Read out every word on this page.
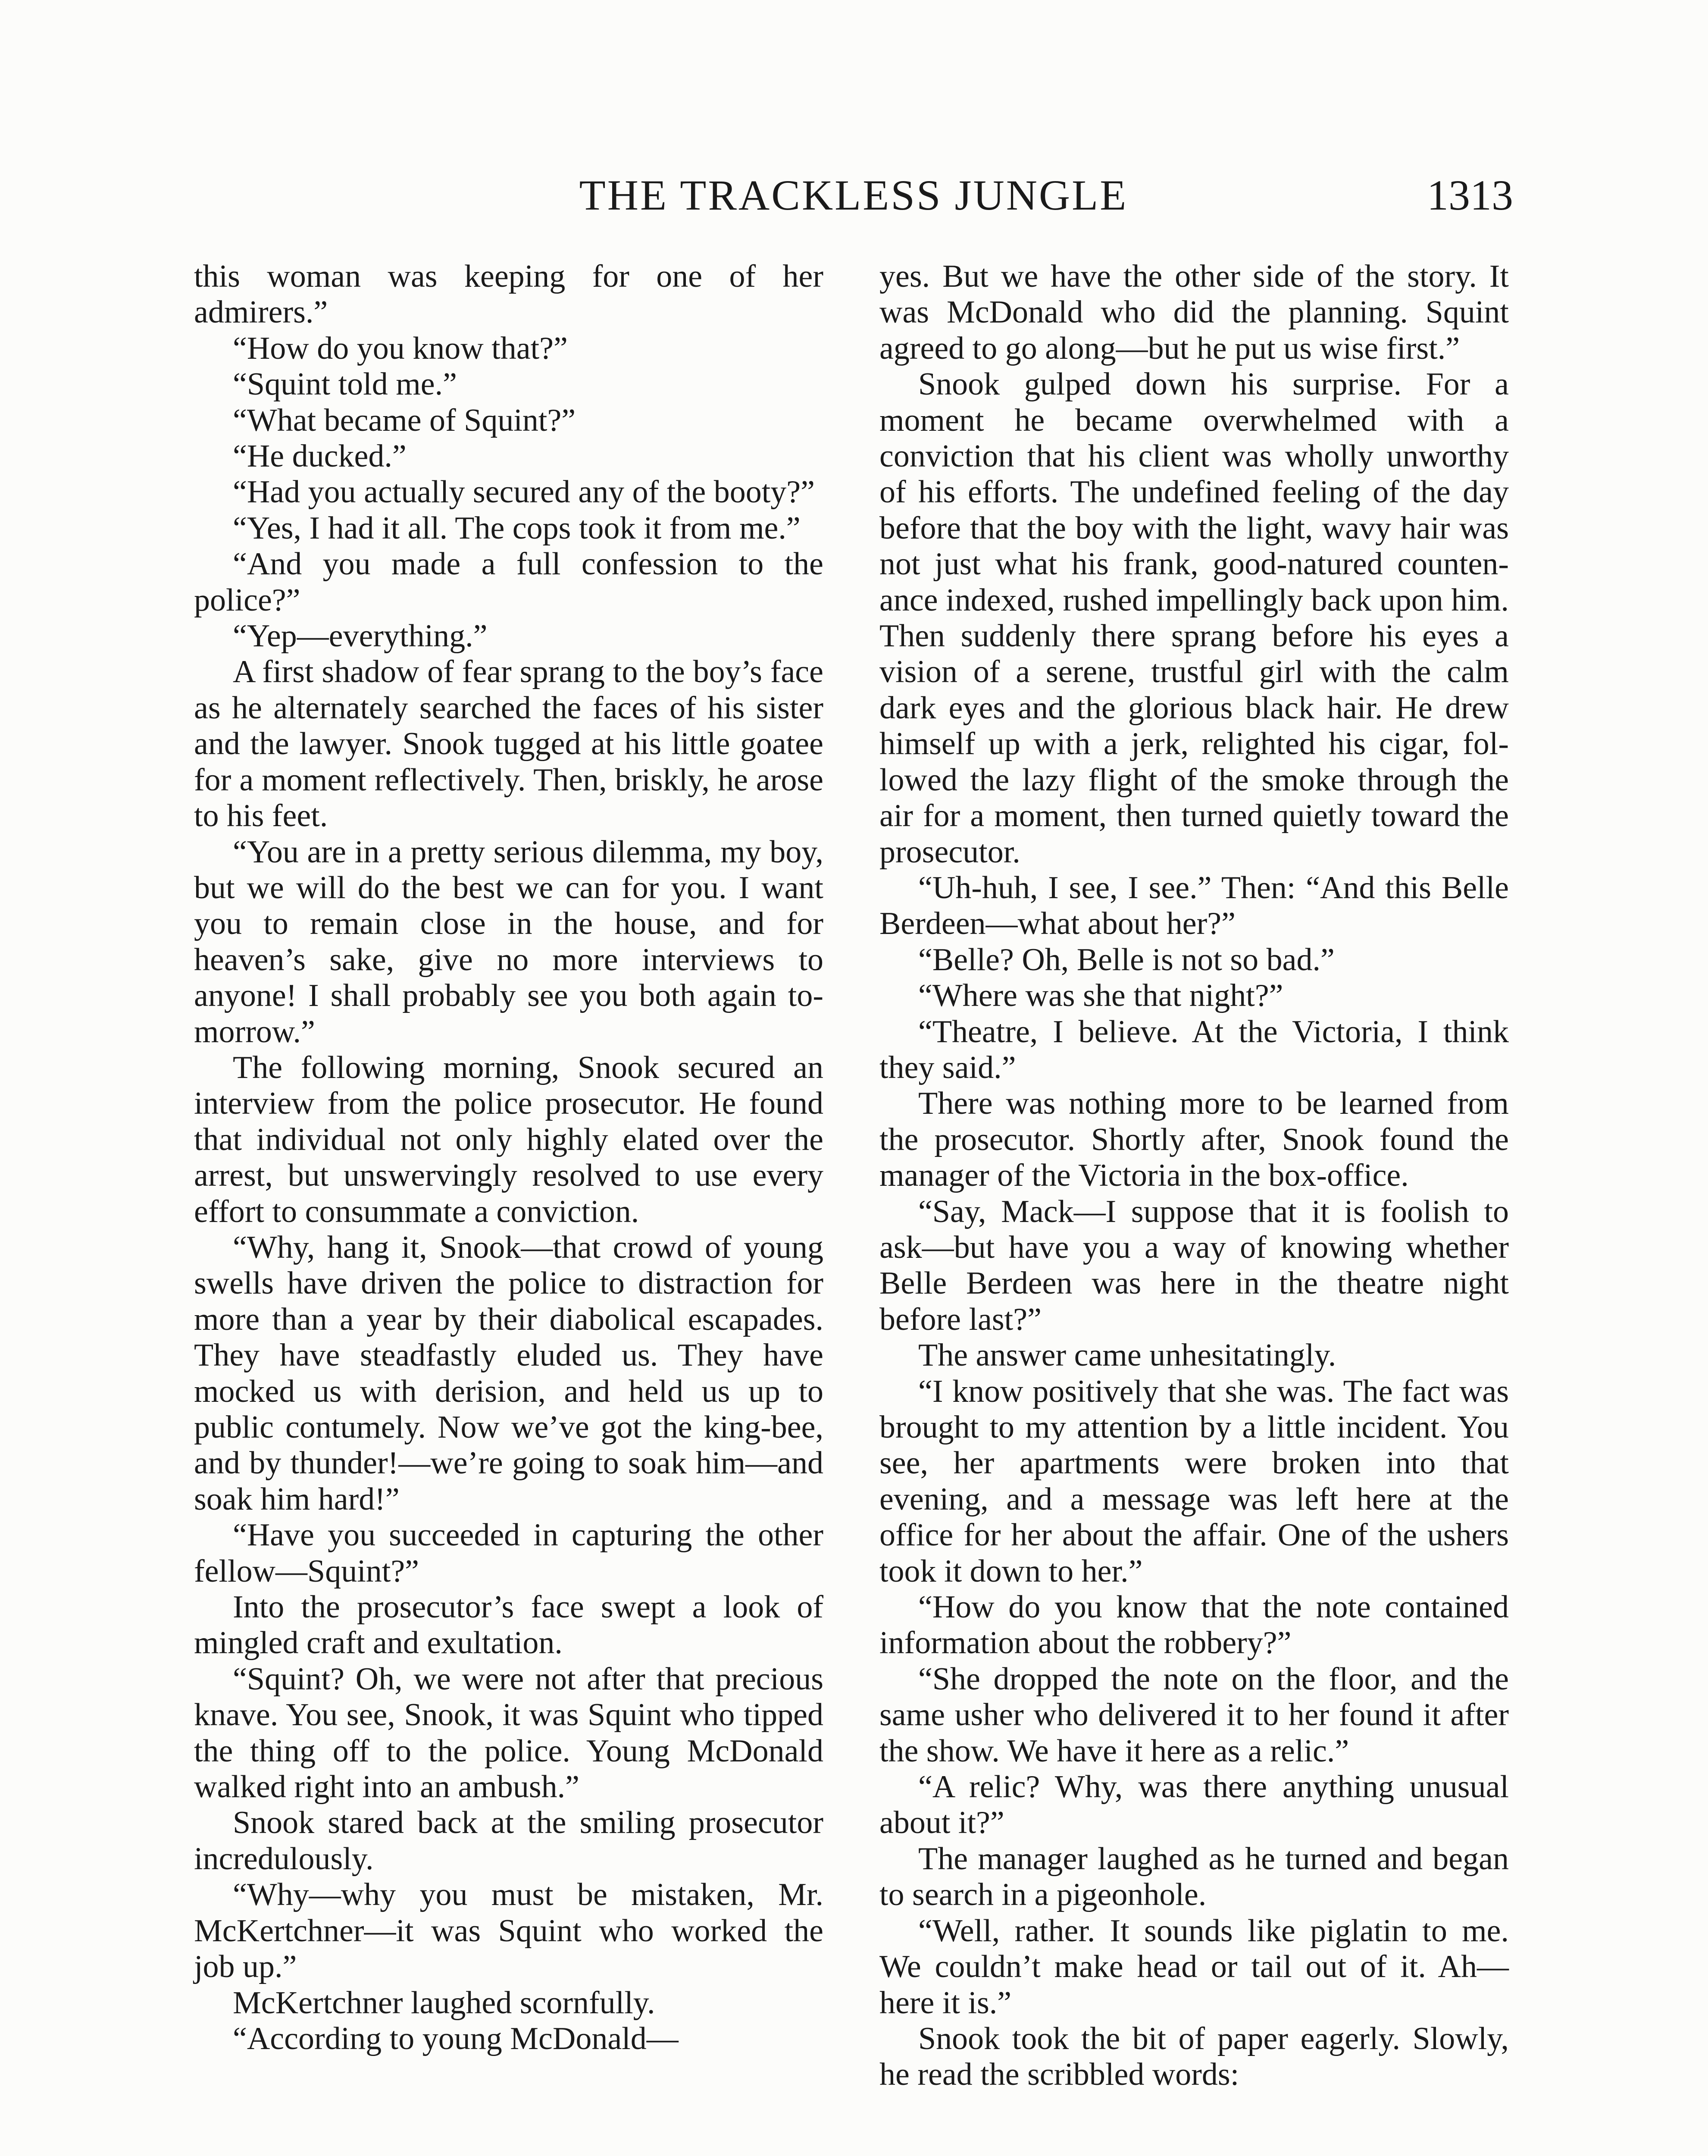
THE TRACKLESS JUNGLE	1313

this woman was keeping for one of her admirers.”

“How do you know that?”

“Squint told me.”

“What became of Squint?”

“He ducked.”

“Had you actually secured any of the booty?”

“Yes, I had it all. The cops took it from me.”

“And you made a full confession to the police?”

“Yep—everything.”

A first shadow of fear sprang to the boy’s face as he alternately searched the faces of his sister and the lawyer. Snook tugged at his little goatee for a moment reflectively. Then, briskly, he arose to his feet.

“You are in a pretty serious dilemma, my boy, but we will do the best we can for you. I want you to remain close in the house, and for heaven’s sake, give no more interviews to anyone! I shall probably see you both again tomorrow.”

The following morning, Snook secured an interview from the police prosecutor. He found that individual not only highly elated over the arrest, but unswervingly resolved to use every effort to consummate a conviction.

“Why, hang it, Snook—that crowd of young swells have driven the police to distraction for more than a year by their diabolical escapades. They have steadfastly eluded us. They have mocked us with derision, and held us up to public contumely. Now we’ve got the king-bee, and by thunder!—we’re going to soak him—and soak him hard!”

“Have you succeeded in capturing the other fellow—Squint?”

Into the prosecutor’s face swept a look of mingled craft and exultation.

“Squint? Oh, we were not after that precious knave. You see, Snook, it was Squint who tipped the thing off to the police. Young McDonald walked right into an ambush.”

Snook stared back at the smiling prosecutor incredulously.

“Why—why you must be mistaken, Mr. McKertchner—it was Squint who worked the job up.”

McKertchner laughed scornfully.

“According to young McDonald—

yes. But we have the other side of the story. It was McDonald who did the planning. Squint agreed to go along—but he put us wise first.”

Snook gulped down his surprise. For a moment he became overwhelmed with a conviction that his client was wholly unworthy of his efforts. The undefined feeling of the day before that the boy with the light, wavy hair was not just what his frank, good-natured countenance indexed, rushed impellingly back upon him. Then suddenly there sprang before his eyes a vision of a serene, trustful girl with the calm dark eyes and the glorious black hair. He drew himself up with a jerk, relighted his cigar, followed the lazy flight of the smoke through the air for a moment, then turned quietly toward the prosecutor.

“Uh-huh, I see, I see.” Then: “And this Belle Berdeen—what about her?”

“Belle? Oh, Belle is not so bad.”

“Where was she that night?”

“Theatre, I believe. At the Victoria, I think they said.”

There was nothing more to be learned from the prosecutor. Shortly after, Snook found the manager of the Victoria in the box-office.

“Say, Mack—I suppose that it is foolish to ask—but have you a way of knowing whether Belle Berdeen was here in the theatre night before last?”

The answer came unhesitatingly.

“I know positively that she was. The fact was brought to my attention by a little incident. You see, her apartments were broken into that evening, and a message was left here at the office for her about the affair. One of the ushers took it down to her.”

“How do you know that the note contained information about the robbery?”

“She dropped the note on the floor, and the same usher who delivered it to her found it after the show. We have it here as a relic.”

“A relic? Why, was there anything unusual about it?”

The manager laughed as he turned and began to search in a pigeonhole.

“Well, rather. It sounds like piglatin to me. We couldn’t make head or tail out of it. Ah—here it is.”

Snook took the bit of paper eagerly. Slowly, he read the scribbled words:
